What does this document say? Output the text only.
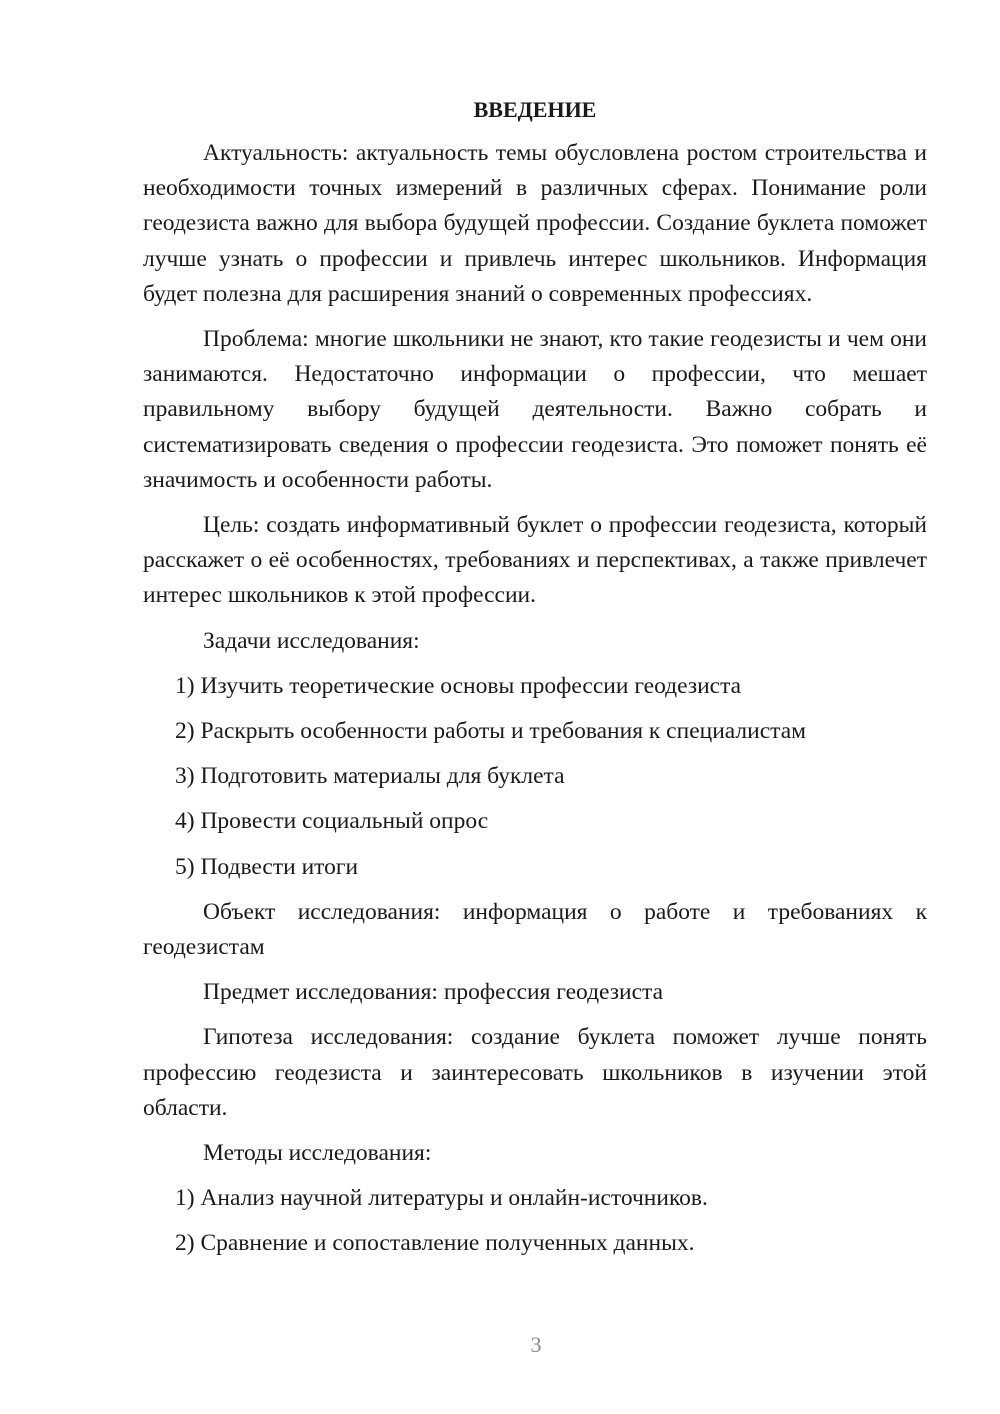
ВВЕДЕНИЕ

Актуальность: актуальность темы обусловлена ростом строительства и необходимости точных измерений в различных сферах. Понимание роли геодезиста важно для выбора будущей профессии. Создание буклета поможет лучше узнать о профессии и привлечь интерес школьников. Информация будет полезна для расширения знаний о современных профессиях.

Проблема: многие школьники не знают, кто такие геодезисты и чем они занимаются. Недостаточно информации о профессии, что мешает правильному выбору будущей деятельности. Важно собрать и систематизировать сведения о профессии геодезиста. Это поможет понять её значимость и особенности работы.

Цель: создать информативный буклет о профессии геодезиста, который расскажет о её особенностях, требованиях и перспективах, а также привлечет интерес школьников к этой профессии.

Задачи исследования:

1) Изучить теоретические основы профессии геодезиста
2) Раскрыть особенности работы и требования к специалистам
3) Подготовить материалы для буклета
4) Провести социальный опрос
5) Подвести итоги

Объект исследования: информация о работе и требованиях к геодезистам

Предмет исследования: профессия геодезиста

Гипотеза исследования: создание буклета поможет лучше понять профессию геодезиста и заинтересовать школьников в изучении этой области.

Методы исследования:

1) Анализ научной литературы и онлайн-источников.
2) Сравнение и сопоставление полученных данных.
3
